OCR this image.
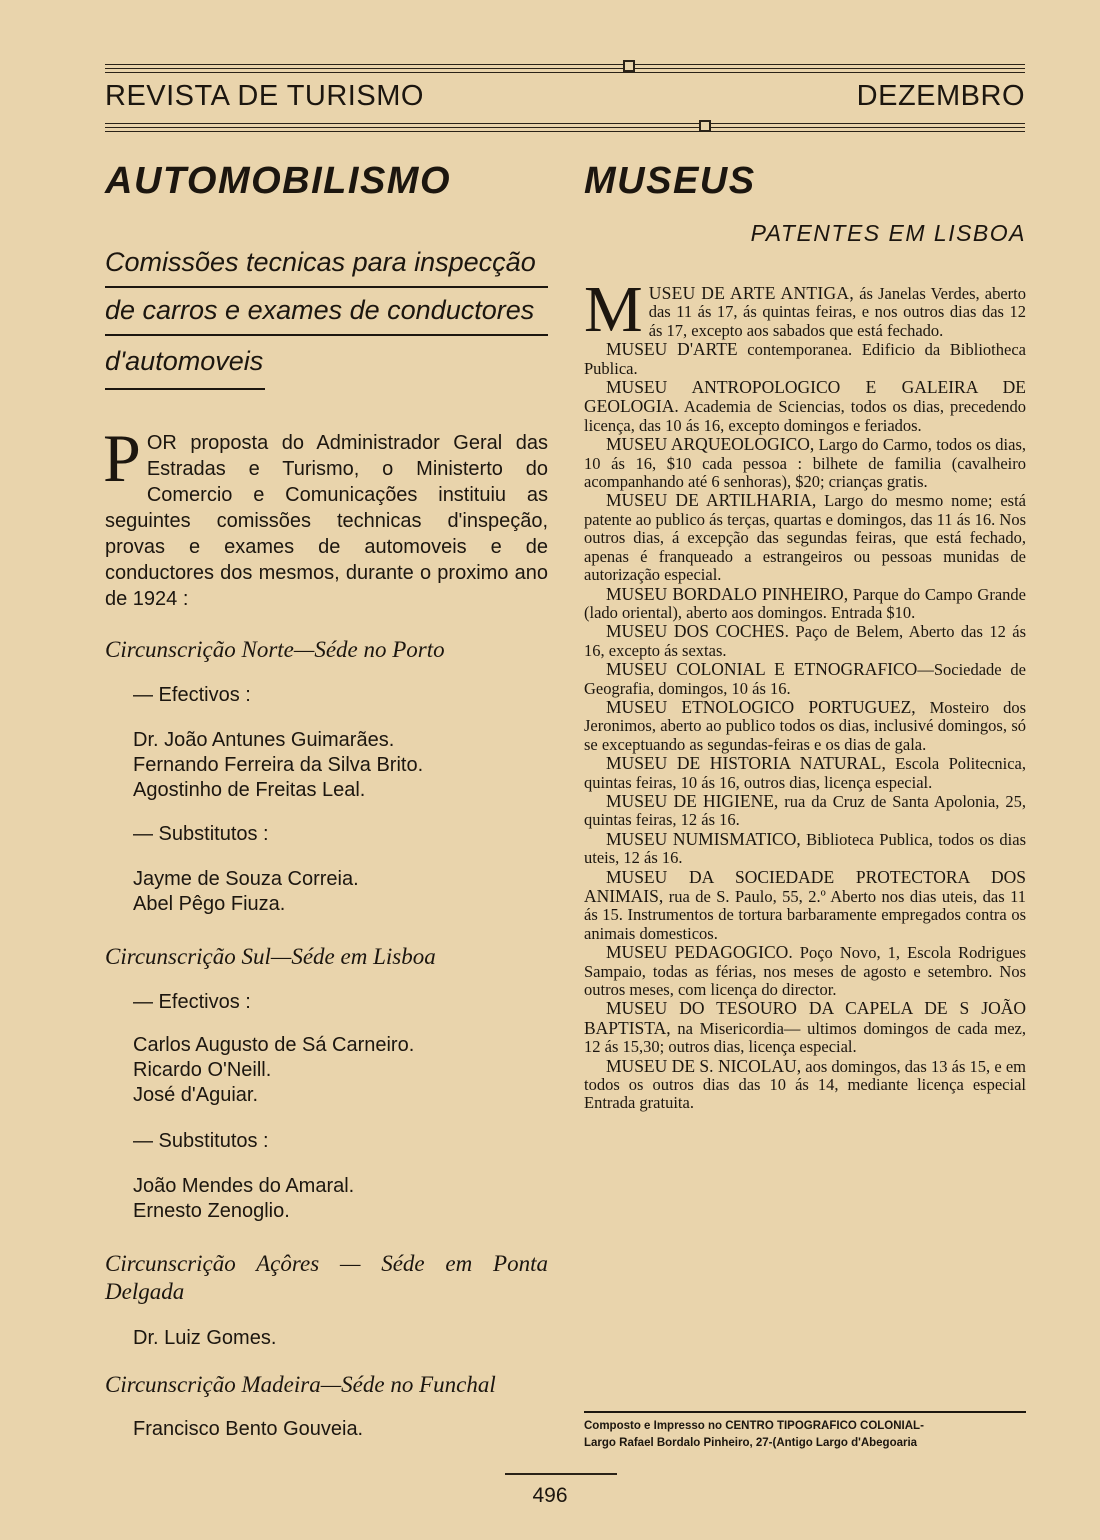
REVISTA DE TURISMO	DEZEMBRO
AUTOMOBILISMO
Comissões tecnicas para inspecção
de carros e exames de conductores
d'automoveis

POR proposta do Administrador Geral das Estradas e Turismo, o Ministerto do Comercio e Comunicações instituiu as seguintes comissões technicas d'inspeção, provas e exames de automoveis e de conductores dos mesmos, durante o proximo ano de 1924 :

Circunscrição Norte—Séde no Porto

— Efectivos :

Dr. João Antunes Guimarães.
Fernando Ferreira da Silva Brito.
Agostinho de Freitas Leal.

— Substitutos :

Jayme de Souza Correia.
Abel Pêgo Fiuza.

Circunscrição Sul—Séde em Lisboa

— Efectivos :

Carlos Augusto de Sá Carneiro.
Ricardo O'Neill.
José d'Aguiar.

— Substitutos :

João Mendes do Amaral.
Ernesto Zenoglio.

Circunscrição Açôres — Séde em Ponta Delgada

Dr. Luiz Gomes.

Circunscrição Madeira—Séde no Funchal

Francisco Bento Gouveia.
MUSEUS

PATENTES EM LISBOA

MUSEU DE ARTE ANTIGA, ás Janelas Verdes, aberto das 11 ás 17, ás quintas feiras, e nos outros dias das 12 ás 17, excepto aos sabados que está fechado.

MUSEU D'ARTE contemporanea. Edificio da Bibliotheca Publica.

MUSEU ANTROPOLOGICO E GALEIRA DE GEOLOGIA. Academia de Sciencias, todos os dias, precedendo licença, das 10 ás 16, excepto domingos e feriados.

MUSEU ARQUEOLOGICO, Largo do Carmo, todos os dias, 10 ás 16, $10 cada pessoa : bilhete de familia (cavalheiro acompanhando até 6 senhoras), $20; crianças gratis.

MUSEU DE ARTILHARIA, Largo do mesmo nome; está patente ao publico ás terças, quartas e domingos, das 11 ás 16. Nos outros dias, á excepção das segundas feiras, que está fechado, apenas é franqueado a estrangeiros ou pessoas munidas de autorização especial.

MUSEU BORDALO PINHEIRO, Parque do Campo Grande (lado oriental), aberto aos domingos. Entrada $10.

MUSEU DOS COCHES. Paço de Belem, Aberto das 12 ás 16, excepto ás sextas.

MUSEU COLONIAL E ETNOGRAFICO—Sociedade de Geografia, domingos, 10 ás 16.

MUSEU ETNOLOGICO PORTUGUEZ, Mosteiro dos Jeronimos, aberto ao publico todos os dias, inclusivé domingos, só se exceptuando as segundas-feiras e os dias de gala.

MUSEU DE HISTORIA NATURAL, Escola Politecnica, quintas feiras, 10 ás 16, outros dias, licença especial.

MUSEU DE HIGIENE, rua da Cruz de Santa Apolonia, 25, quintas feiras, 12 ás 16.

MUSEU NUMISMATICO, Biblioteca Publica, todos os dias uteis, 12 ás 16.

MUSEU DA SOCIEDADE PROTECTORA DOS ANIMAIS, rua de S. Paulo, 55, 2.º Aberto nos dias uteis, das 11 ás 15. Instrumentos de tortura barbaramente empregados contra os animais domesticos.

MUSEU PEDAGOGICO. Poço Novo, 1, Escola Rodrigues Sampaio, todas as férias, nos meses de agosto e setembro. Nos outros meses, com licença do director.

MUSEU DO TESOURO DA CAPELA DE S JOÃO BAPTISTA, na Misericordia— ultimos domingos de cada mez, 12 ás 15,30; outros dias, licença especial.

MUSEU DE S. NICOLAU, aos domingos, das 13 ás 15, e em todos os outros dias das 10 ás 14, mediante licença especial Entrada gratuita.

Composto e Impresso no CENTRO TIPOGRAFICO COLONIAL-
Largo Rafael Bordalo Pinheiro, 27-(Antigo Largo d'Abegoaria
496
